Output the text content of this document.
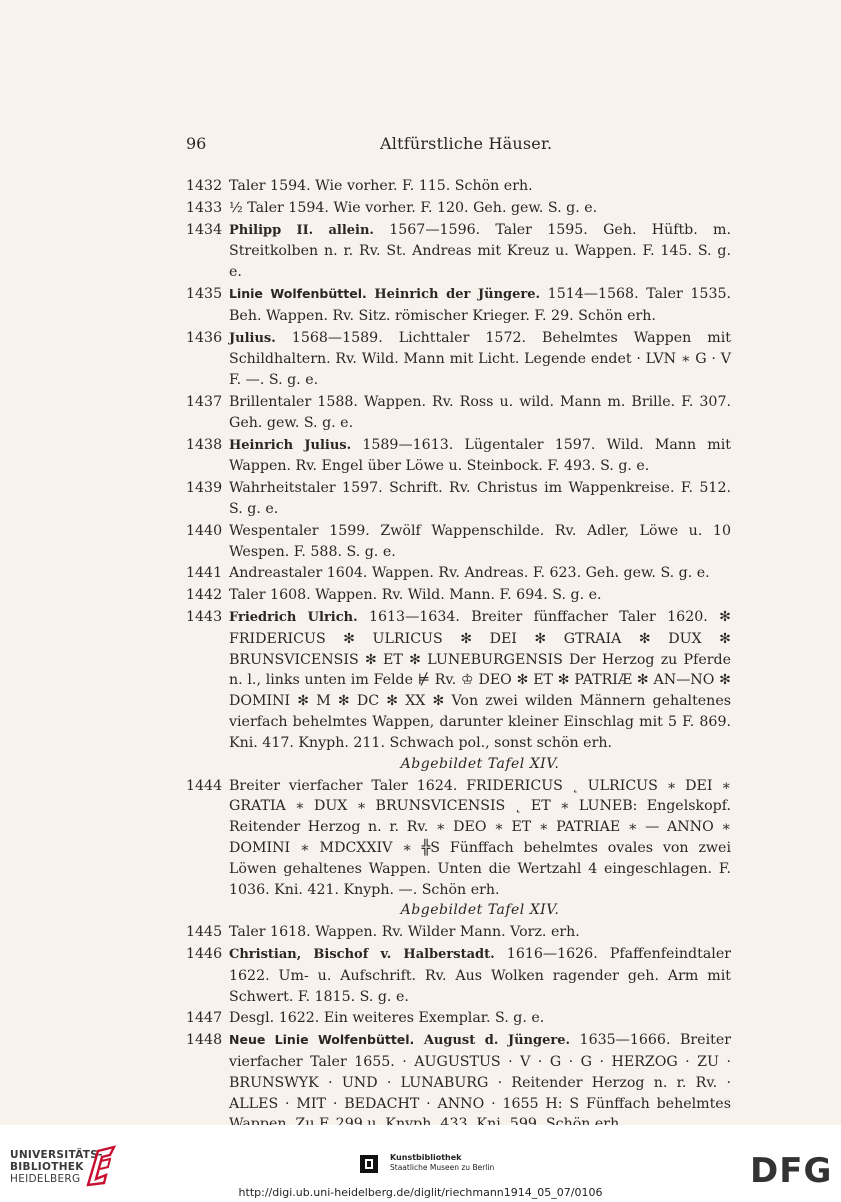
96	Altfürstliche Häuser.
1432 Taler 1594. Wie vorher. F. 115. Schön erh.
1433 ½ Taler 1594. Wie vorher. F. 120. Geh. gew. S. g. e.
1434 Philipp II. allein. 1567—1596. Taler 1595. Geh. Hüftb. m. Streitkolben n. r. Rv. St. Andreas mit Kreuz u. Wappen. F. 145. S. g. e.
1435 Linie Wolfenbüttel. Heinrich der Jüngere. 1514—1568. Taler 1535. Beh. Wappen. Rv. Sitz. römischer Krieger. F. 29. Schön erh.
1436 Julius. 1568—1589. Lichttaler 1572. Behelmtes Wappen mit Schildhaltern. Rv. Wild. Mann mit Licht. Legende endet · LVN ∗ G · V F. —. S. g. e.
1437 Brillentaler 1588. Wappen. Rv. Ross u. wild. Mann m. Brille. F. 307. Geh. gew. S. g. e.
1438 Heinrich Julius. 1589—1613. Lügentaler 1597. Wild. Mann mit Wappen. Rv. Engel über Löwe u. Steinbock. F. 493. S. g. e.
1439 Wahrheitstaler 1597. Schrift. Rv. Christus im Wappenkreise. F. 512. S. g. e.
1440 Wespentaler 1599. Zwölf Wappenschilde. Rv. Adler, Löwe u. 10 Wespen. F. 588. S. g. e.
1441 Andreastaler 1604. Wappen. Rv. Andreas. F. 623. Geh. gew. S. g. e.
1442 Taler 1608. Wappen. Rv. Wild. Mann. F. 694. S. g. e.
1443 Friedrich Ulrich. 1613—1634. Breiter fünffacher Taler 1620. ✻ FRIDERICUS ✻ ULRICUS ✻ DEI ✻ GTRAIA ✻ DUX ✻ BRUNSVICENSIS ✻ ET ✻ LUNEBURGENSIS Der Herzog zu Pferde n. l., links unten im Felde ⊭ Rv. ♔ DEO ✻ ET ✻ PATRIÆ ✻ AN—NO ✻ DOMINI ✻ M ✻ DC ✻ XX ✻ Von zwei wilden Männern gehaltenes vierfach behelmtes Wappen, darunter kleiner Einschlag mit 5 F. 869. Kni. 417. Knyph. 211. Schwach pol., sonst schön erh.
Abgebildet Tafel XIV.
1444 Breiter vierfacher Taler 1624. FRIDERICUS ˛ ULRICUS ∗ DEI ∗ GRATIA ∗ DUX ∗ BRUNSVICENSIS ˛ ET ∗ LUNEB: Engelskopf. Reitender Herzog n. r. Rv. ∗ DEO ∗ ET ∗ PATRIAE ∗ — ANNO ∗ DOMINI ∗ MDCXXIV ∗ ╬S Fünffach behelmtes ovales von zwei Löwen gehaltenes Wappen. Unten die Wertzahl 4 eingeschlagen. F. 1036. Kni. 421. Knyph. —. Schön erh.
Abgebildet Tafel XIV.
1445 Taler 1618. Wappen. Rv. Wilder Mann. Vorz. erh.
1446 Christian, Bischof v. Halberstadt. 1616—1626. Pfaffenfeindtaler 1622. Um- u. Aufschrift. Rv. Aus Wolken ragender geh. Arm mit Schwert. F. 1815. S. g. e.
1447 Desgl. 1622. Ein weiteres Exemplar. S. g. e.
1448 Neue Linie Wolfenbüttel. August d. Jüngere. 1635—1666. Breiter vierfacher Taler 1655. · AUGUSTUS · V · G · G · HERZOG · ZU · BRUNSWYK · UND · LUNABURG · Reitender Herzog n. r. Rv. · ALLES · MIT · BEDACHT · ANNO · 1655 H: S Fünffach behelmtes
UNIVERSITÄTS-
BIBLIOTHEK
HEIDELBERG
Kunstbibliothek
Staatliche Museen zu Berlin	DFG
http://digi.ub.uni-heidelberg.de/diglit/riechmann1914_05_07/0106
